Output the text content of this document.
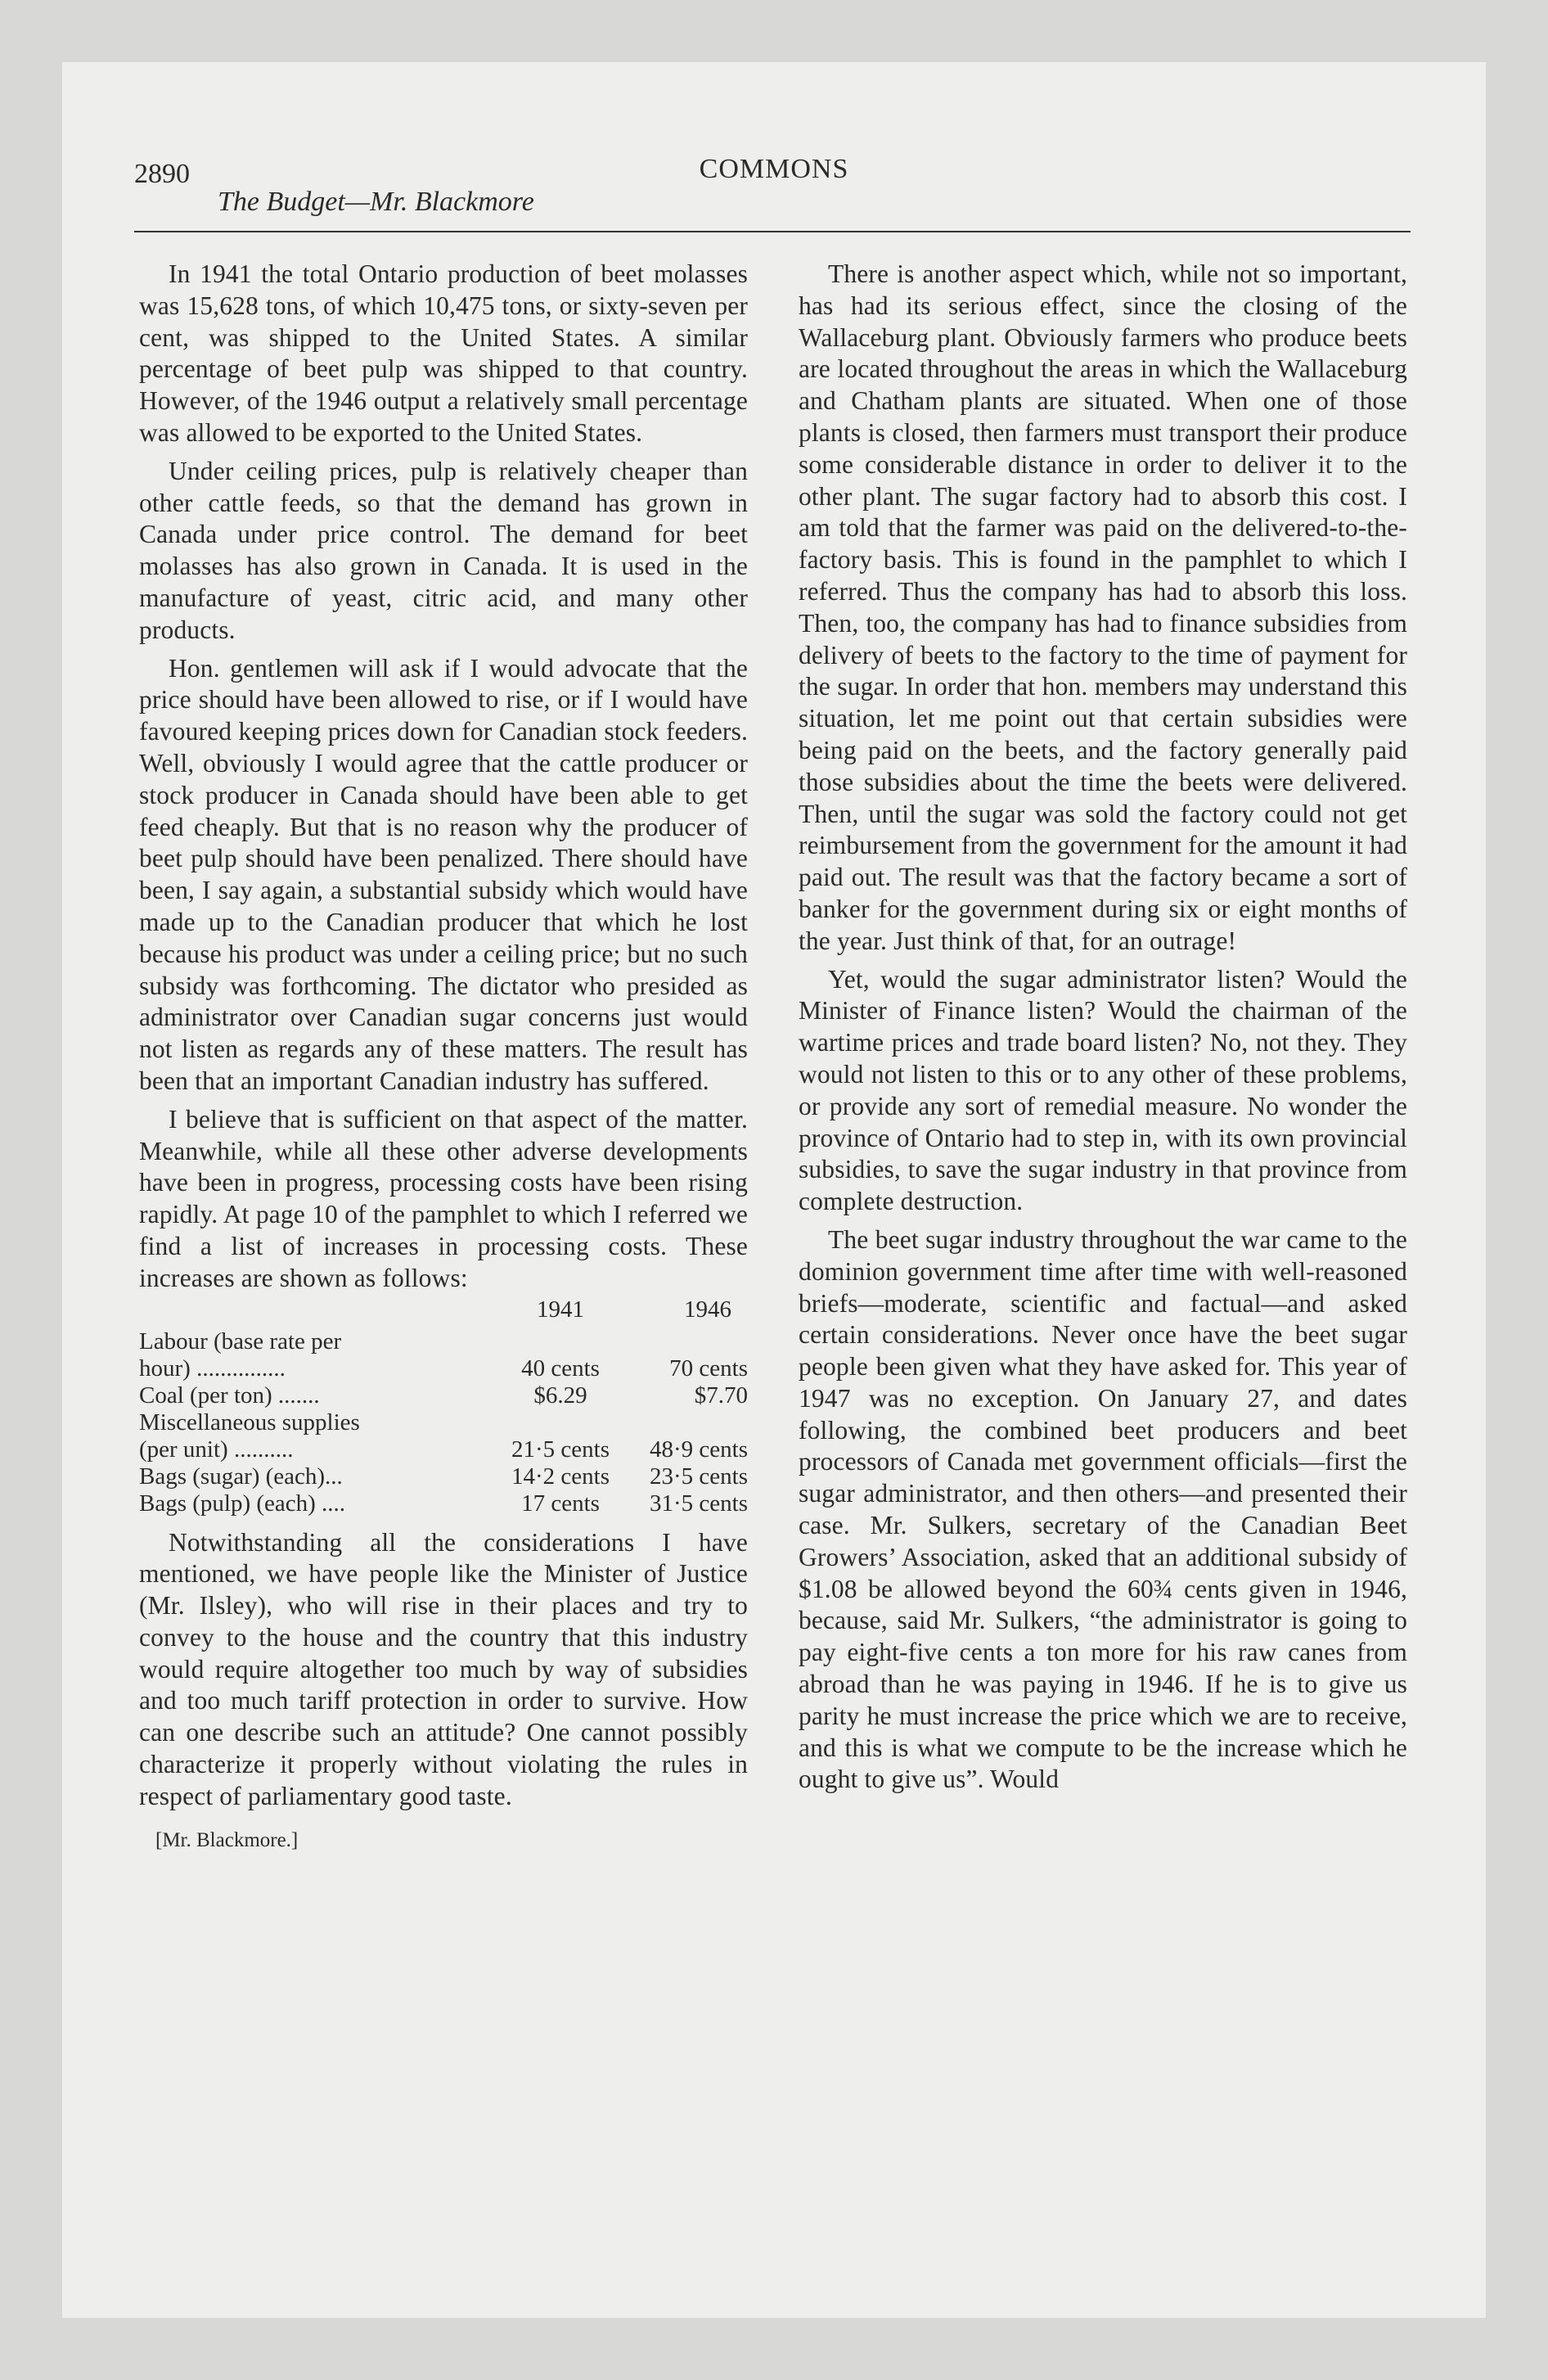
2890	COMMONS
The Budget—Mr. Blackmore

In 1941 the total Ontario production of beet molasses was 15,628 tons, of which 10,475 tons, or sixty-seven per cent, was shipped to the United States. A similar percentage of beet pulp was shipped to that country. However, of the 1946 output a relatively small percentage was allowed to be exported to the United States.

Under ceiling prices, pulp is relatively cheaper than other cattle feeds, so that the demand has grown in Canada under price control. The demand for beet molasses has also grown in Canada. It is used in the manufacture of yeast, citric acid, and many other products.

Hon. gentlemen will ask if I would advocate that the price should have been allowed to rise, or if I would have favoured keeping prices down for Canadian stock feeders. Well, obviously I would agree that the cattle producer or stock producer in Canada should have been able to get feed cheaply. But that is no reason why the producer of beet pulp should have been penalized. There should have been, I say again, a substantial subsidy which would have made up to the Canadian producer that which he lost because his product was under a ceiling price; but no such subsidy was forthcoming. The dictator who presided as administrator over Canadian sugar concerns just would not listen as regards any of these matters. The result has been that an important Canadian industry has suffered.

I believe that is sufficient on that aspect of the matter. Meanwhile, while all these other adverse developments have been in progress, processing costs have been rising rapidly. At page 10 of the pamphlet to which I referred we find a list of increases in processing costs. These increases are shown as follows:

	1941	1946

Labour (base rate per
hour) ...............	40 cents	70 cents

Coal (per ton) .......	$6.29	$7.70

Miscellaneous supplies
(per unit) ..........	21·5 cents	48·9 cents

Bags (sugar) (each)...	14·2 cents	23·5 cents

Bags (pulp) (each) ....	17 cents	31·5 cents

Notwithstanding all the considerations I have mentioned, we have people like the Minister of Justice (Mr. Ilsley), who will rise in their places and try to convey to the house and the country that this industry would require altogether too much by way of subsidies and too much tariff protection in order to survive. How can one describe such an attitude? One cannot possibly characterize it properly without violating the rules in respect of parliamentary good taste.

[Mr. Blackmore.]

There is another aspect which, while not so important, has had its serious effect, since the closing of the Wallaceburg plant. Obviously farmers who produce beets are located throughout the areas in which the Wallaceburg and Chatham plants are situated. When one of those plants is closed, then farmers must transport their produce some considerable distance in order to deliver it to the other plant. The sugar factory had to absorb this cost. I am told that the farmer was paid on the delivered-to-the-factory basis. This is found in the pamphlet to which I referred. Thus the company has had to absorb this loss. Then, too, the company has had to finance subsidies from delivery of beets to the factory to the time of payment for the sugar. In order that hon. members may understand this situation, let me point out that certain subsidies were being paid on the beets, and the factory generally paid those subsidies about the time the beets were delivered. Then, until the sugar was sold the factory could not get reimbursement from the government for the amount it had paid out. The result was that the factory became a sort of banker for the government during six or eight months of the year. Just think of that, for an outrage!

Yet, would the sugar administrator listen? Would the Minister of Finance listen? Would the chairman of the wartime prices and trade board listen? No, not they. They would not listen to this or to any other of these problems, or provide any sort of remedial measure. No wonder the province of Ontario had to step in, with its own provincial subsidies, to save the sugar industry in that province from complete destruction.

The beet sugar industry throughout the war came to the dominion government time after time with well-reasoned briefs—moderate, scientific and factual—and asked certain considerations. Never once have the beet sugar people been given what they have asked for. This year of 1947 was no exception. On January 27, and dates following, the combined beet producers and beet processors of Canada met government officials—first the sugar administrator, and then others—and presented their case. Mr. Sulkers, secretary of the Canadian Beet Growers’ Association, asked that an additional subsidy of $1.08 be allowed beyond the 60¾ cents given in 1946, because, said Mr. Sulkers, “the administrator is going to pay eight-five cents a ton more for his raw canes from abroad than he was paying in 1946. If he is to give us parity he must increase the price which we are to receive, and this is what we compute to be the increase which he ought to give us”. Would
